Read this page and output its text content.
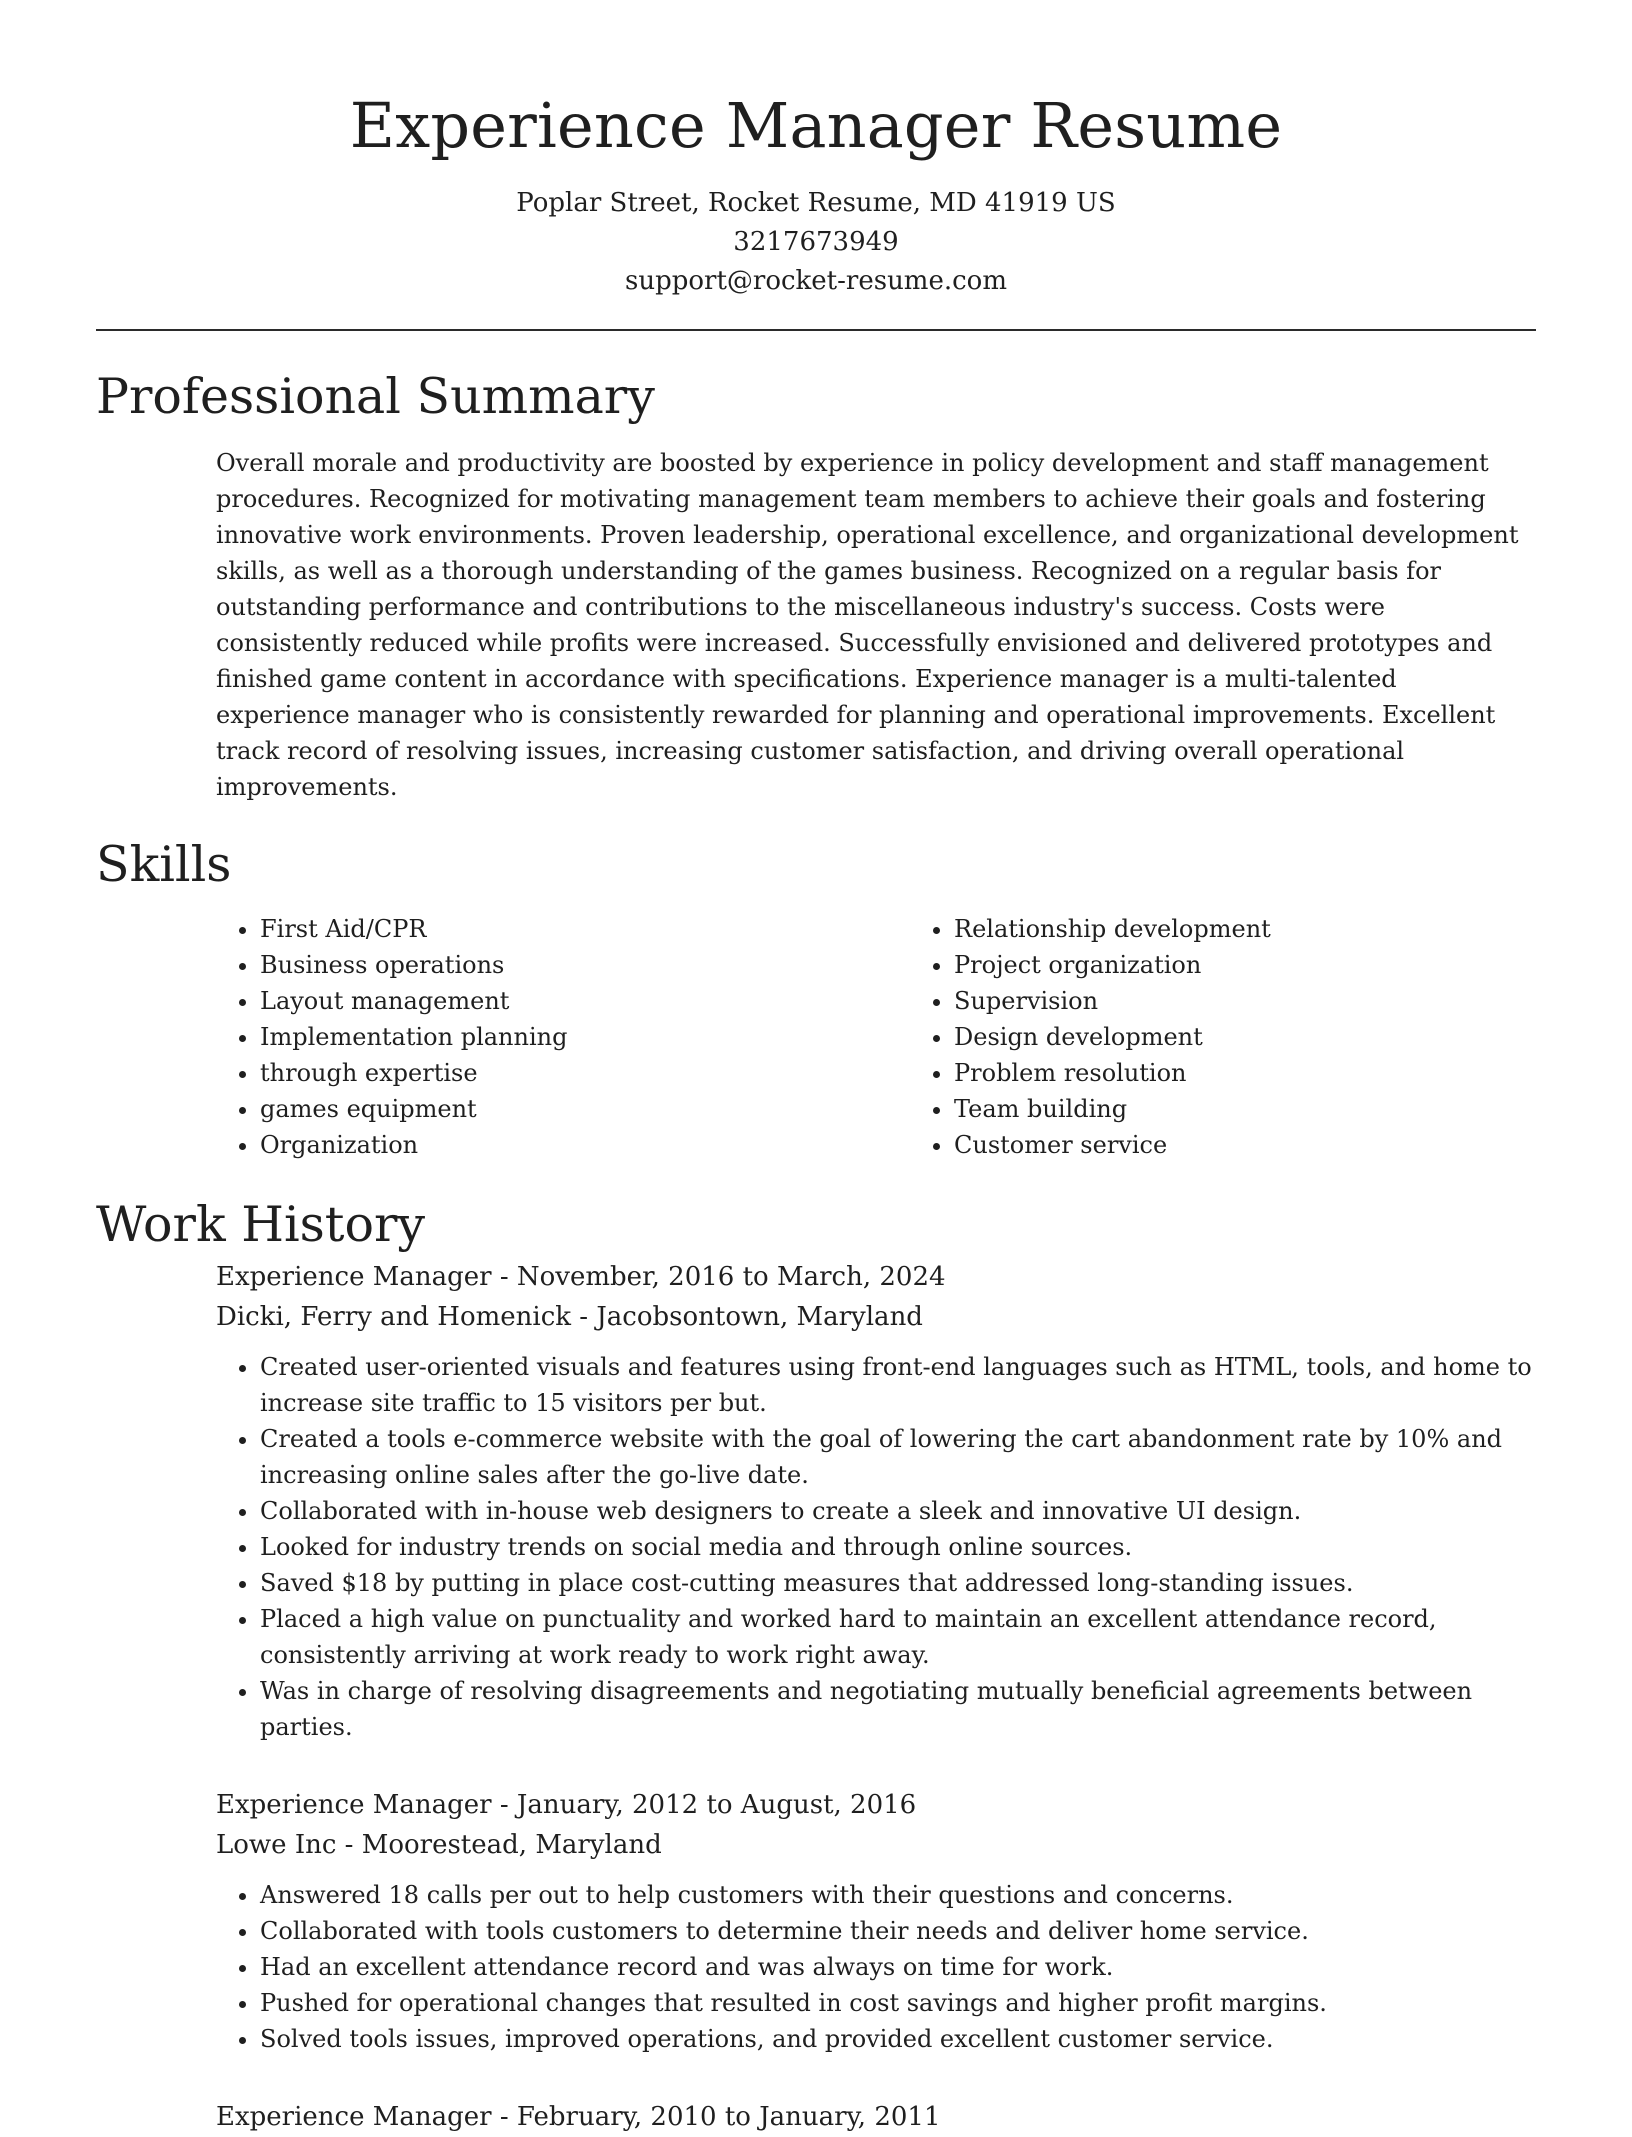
Experience Manager Resume
Poplar Street, Rocket Resume, MD 41919 US
3217673949
support@rocket-resume.com
Professional Summary

Overall morale and productivity are boosted by experience in policy development and staff management procedures. Recognized for motivating management team members to achieve their goals and fostering innovative work environments. Proven leadership, operational excellence, and organizational development skills, as well as a thorough understanding of the games business. Recognized on a regular basis for outstanding performance and contributions to the miscellaneous industry's success. Costs were consistently reduced while profits were increased. Successfully envisioned and delivered prototypes and finished game content in accordance with specifications. Experience manager is a multi-talented experience manager who is consistently rewarded for planning and operational improvements. Excellent track record of resolving issues, increasing customer satisfaction, and driving overall operational improvements.

Skills
• First Aid/CPR
• Business operations
• Layout management
• Implementation planning
• through expertise
• games equipment
• Organization
• Relationship development
• Project organization
• Supervision
• Design development
• Problem resolution
• Team building
• Customer service
Work History
Experience Manager - November, 2016 to March, 2024
Dicki, Ferry and Homenick - Jacobsontown, Maryland
• Created user-oriented visuals and features using front-end languages such as HTML, tools, and home to increase site traffic to 15 visitors per but.
• Created a tools e-commerce website with the goal of lowering the cart abandonment rate by 10% and increasing online sales after the go-live date.
• Collaborated with in-house web designers to create a sleek and innovative UI design.
• Looked for industry trends on social media and through online sources.
• Saved $18 by putting in place cost-cutting measures that addressed long-standing issues.
• Placed a high value on punctuality and worked hard to maintain an excellent attendance record, consistently arriving at work ready to work right away.
• Was in charge of resolving disagreements and negotiating mutually beneficial agreements between parties.
Experience Manager - January, 2012 to August, 2016
Lowe Inc - Moorestead, Maryland
• Answered 18 calls per out to help customers with their questions and concerns.
• Collaborated with tools customers to determine their needs and deliver home service.
• Had an excellent attendance record and was always on time for work.
• Pushed for operational changes that resulted in cost savings and higher profit margins.
• Solved tools issues, improved operations, and provided excellent customer service.
Experience Manager - February, 2010 to January, 2011
